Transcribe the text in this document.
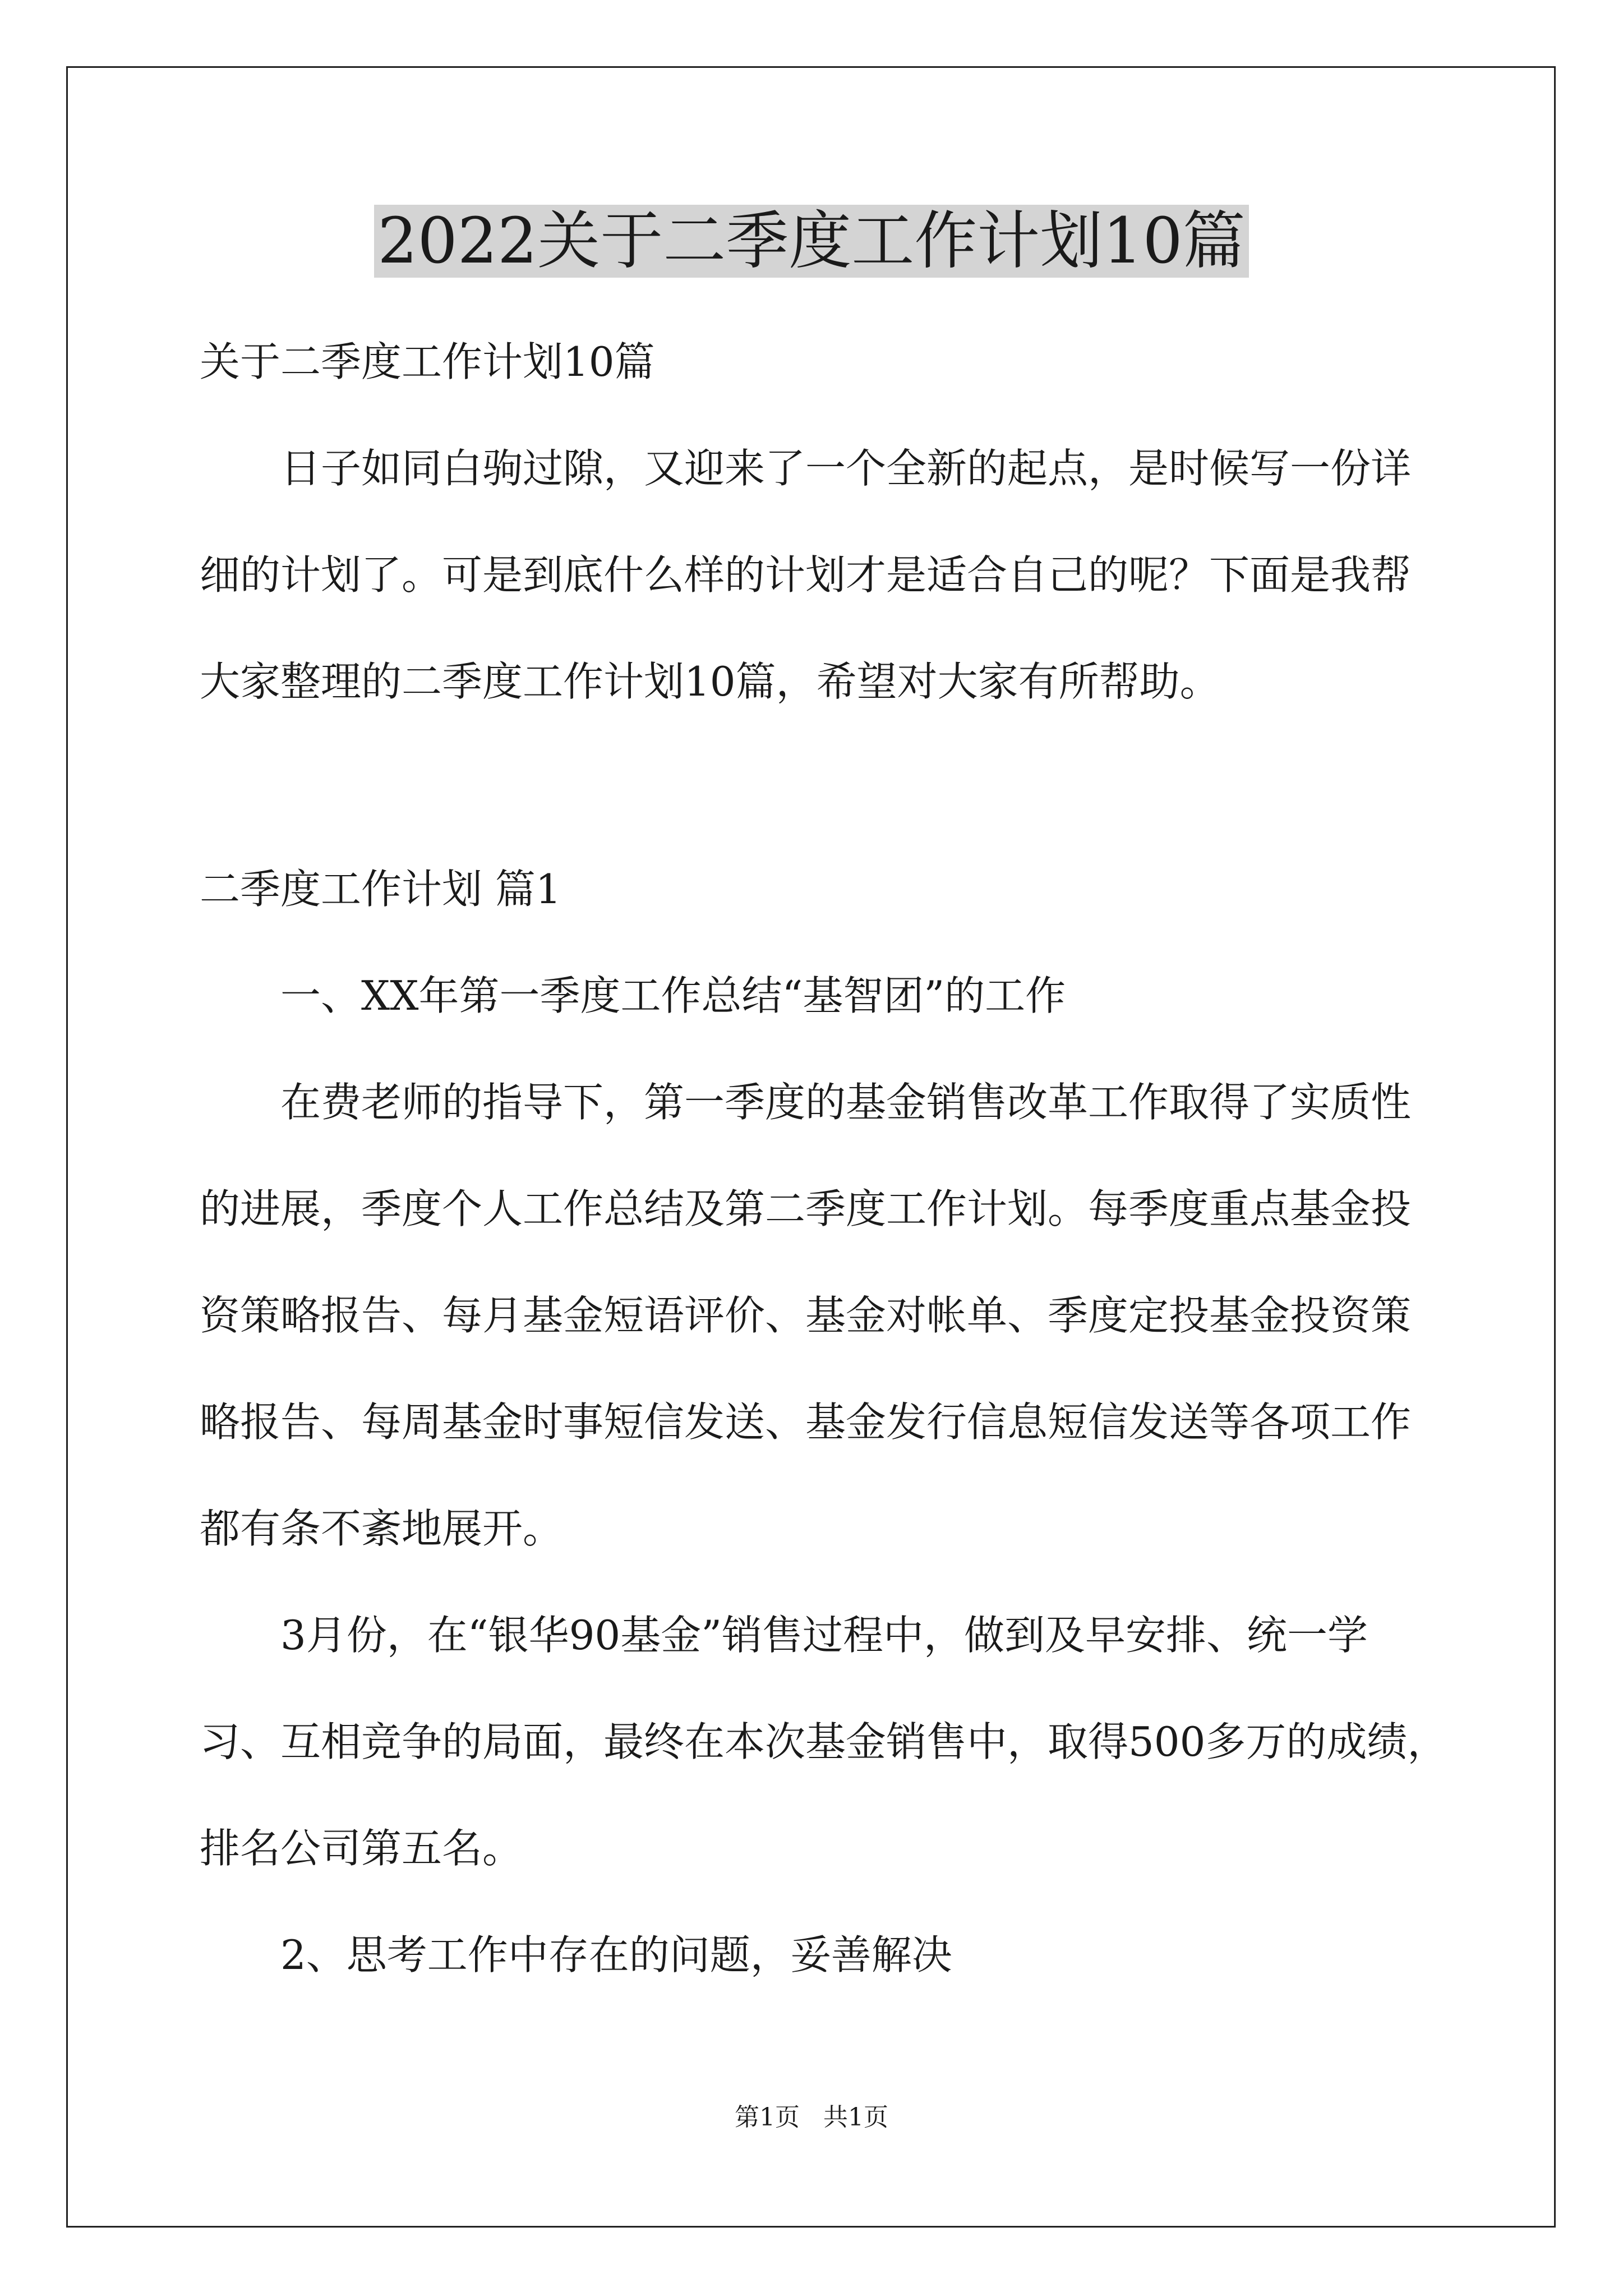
2022关于二季度工作计划10篇

关于二季度工作计划10篇

日子如同白驹过隙，又迎来了一个全新的起点，是时候写一份详

细的计划了。可是到底什么样的计划才是适合自己的呢？下面是我帮
大家整理的二季度工作计划10篇，希望对大家有所帮助。

二季度工作计划 篇1

一、XX年第一季度工作总结“基智团”的工作

在费老师的指导下，第一季度的基金销售改革工作取得了实质性

的进展，季度个人工作总结及第二季度工作计划。每季度重点基金投
资策略报告、每月基金短语评价、基金对帐单、季度定投基金投资策
略报告、每周基金时事短信发送、基金发行信息短信发送等各项工作
都有条不紊地展开。

3月份，在“银华90基金”销售过程中，做到及早安排、统一学

习、互相竞争的局面，最终在本次基金销售中，取得500多万的成绩，
排名公司第五名。

2、思考工作中存在的问题，妥善解决

第1页   共1页
